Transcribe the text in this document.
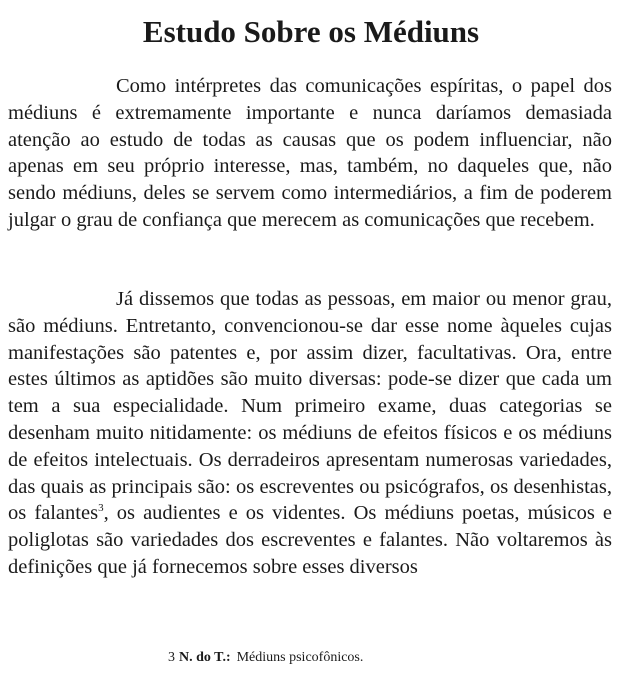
Estudo Sobre os Médiuns

Como intérpretes das comunicações espíritas, o papel dos médiuns é extremamente importante e nunca daríamos demasiada atenção ao estudo de todas as causas que os podem influenciar, não apenas em seu próprio interesse, mas, também, no daqueles que, não sendo médiuns, deles se servem como intermediários, a fim de poderem julgar o grau de confiança que merecem as comunicações que recebem.

Já dissemos que todas as pessoas, em maior ou menor grau, são médiuns. Entretanto, convencionou-se dar esse nome àqueles cujas manifestações são patentes e, por assim dizer, facultativas. Ora, entre estes últimos as aptidões são muito diversas: pode-se dizer que cada um tem a sua especialidade. Num primeiro exame, duas categorias se desenham muito nitidamente: os médiuns de efeitos físicos e os médiuns de efeitos intelectuais. Os derradeiros apresentam numerosas variedades, das quais as principais são: os escreventes ou psicógrafos, os desenhistas, os falantes$^3$, os audientes e os videntes. Os médiuns poetas, músicos e poliglotas são variedades dos escreventes e falantes. Não voltaremos às definições que já fornecemos sobre esses diversos

3 N. do T.: Médiuns psicofônicos.
